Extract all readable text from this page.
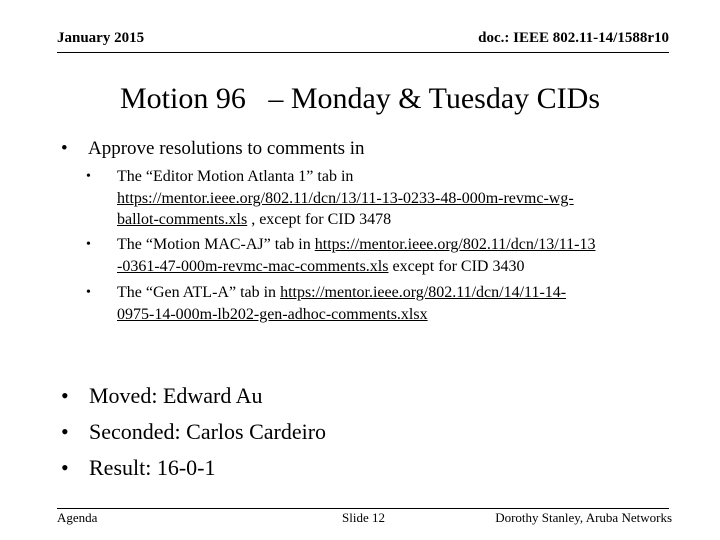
January 2015	doc.: IEEE 802.11-14/1588r10
Motion 96   – Monday & Tuesday CIDs
• Approve resolutions to comments in
• The “Editor Motion Atlanta 1” tab in
https://mentor.ieee.org/802.11/dcn/13/11-13-0233-48-000m-revmc-wg-
ballot-comments.xls , except for CID 3478
• The “Motion MAC-AJ” tab in https://mentor.ieee.org/802.11/dcn/13/11-13
-0361-47-000m-revmc-mac-comments.xls except for CID 3430
• The “Gen ATL-A” tab in https://mentor.ieee.org/802.11/dcn/14/11-14-
0975-14-000m-lb202-gen-adhoc-comments.xlsx
• Moved: Edward Au
• Seconded: Carlos Cardeiro
• Result: 16-0-1
Agenda	Slide 12	Dorothy Stanley, Aruba Networks
